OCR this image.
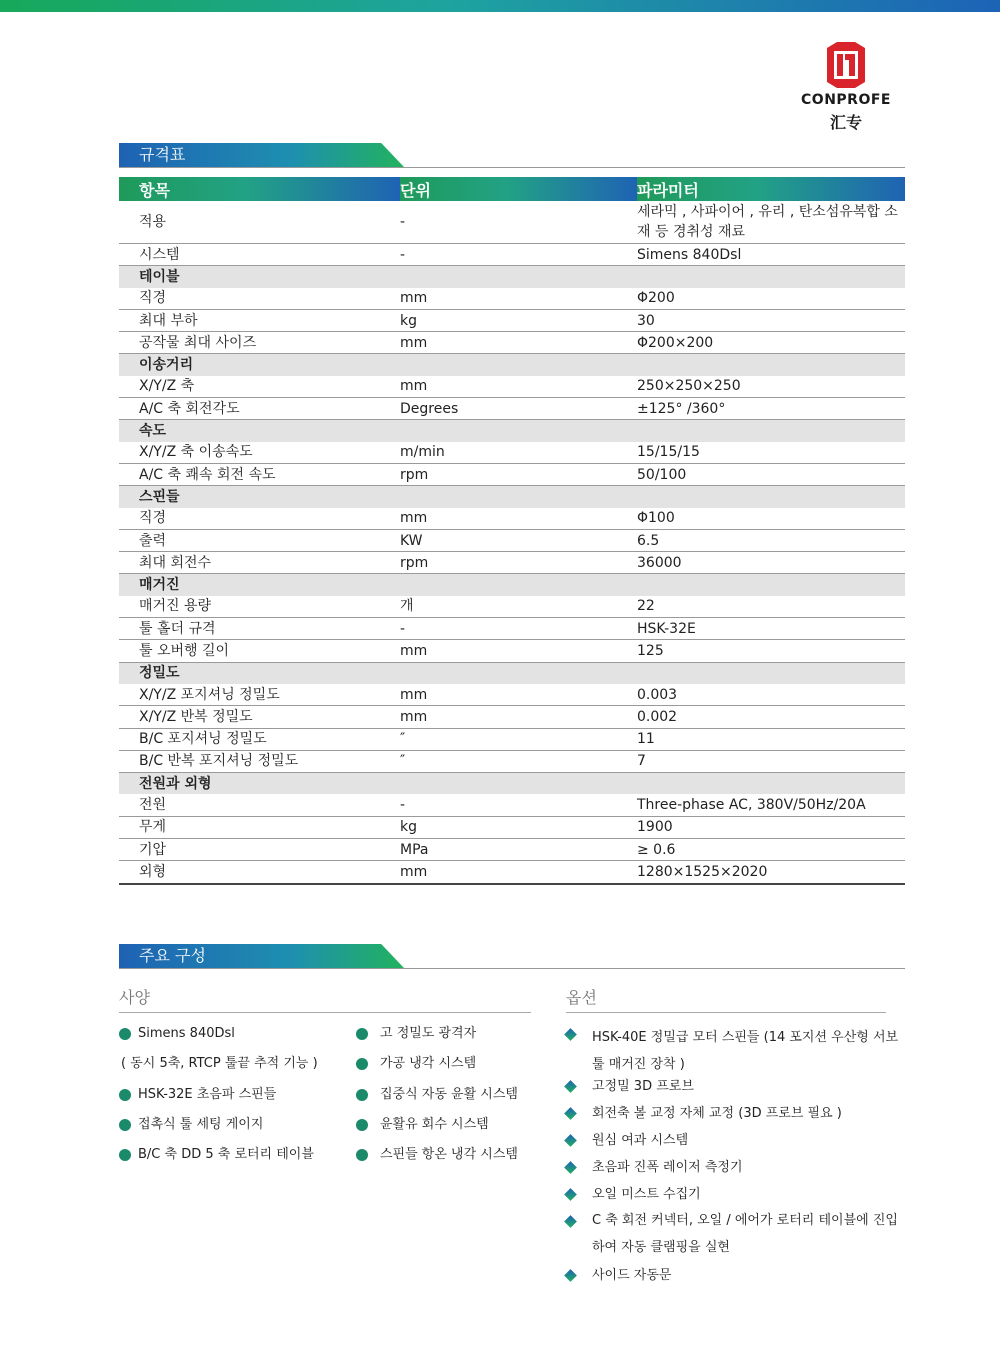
CONPROFE
汇专
규격표
항목	단위	파라미터
적용	-	세라믹 , 사파이어 , 유리 , 탄소섬유복합 소재 등 경취성 재료
시스템	-	Simens 840Dsl
테이블		
직경	mm	Φ200
최대 부하	kg	30
공작물 최대 사이즈	mm	Φ200×200
이송거리		
X/Y/Z 축	mm	250×250×250
A/C 축 회전각도	Degrees	±125° /360°
속도		
X/Y/Z 축 이송속도	m/min	15/15/15
A/C 축 쾌속 회전 속도	rpm	50/100
스핀들		
직경	mm	Φ100
출력	KW	6.5
최대 회전수	rpm	36000
매거진		
매거진 용량	개	22
툴 홀더 규격	-	HSK-32E
툴 오버행 길이	mm	125
정밀도		
X/Y/Z 포지셔닝 정밀도	mm	0.003
X/Y/Z 반복 정밀도	mm	0.002
B/C 포지셔닝 정밀도	″	11
B/C 반복 포지셔닝 정밀도	″	7
전원과 외형		
전원	-	Three-phase AC, 380V/50Hz/20A
무게	kg	1900
기압	MPa	≥ 0.6
외형	mm	1280×1525×2020
주요 구성
사양	옵션
Simens 840Dsl
( 동시 5축, RTCP 툴끝 추적 기능 )
HSK-32E 초음파 스핀들
접촉식 툴 세팅 게이지
B/C 축 DD 5 축 로터리 테이블
고 정밀도 광격자
가공 냉각 시스템
집중식 자동 윤활 시스템
윤활유 회수 시스템
스핀들 항온 냉각 시스템
HSK-40E 정밀급 모터 스핀들 (14 포지션 우산형 서보 툴 매거진 장착 )
고정밀 3D 프로브
회전축 볼 교정 자체 교정 (3D 프로브 필요 )
원심 여과 시스템
초음파 진폭 레이저 측정기
오일 미스트 수집기
C 축 회전 커넥터, 오일 / 에어가 로터리 테이블에 진입하여 자동 클램핑을 실현
사이드 자동문
